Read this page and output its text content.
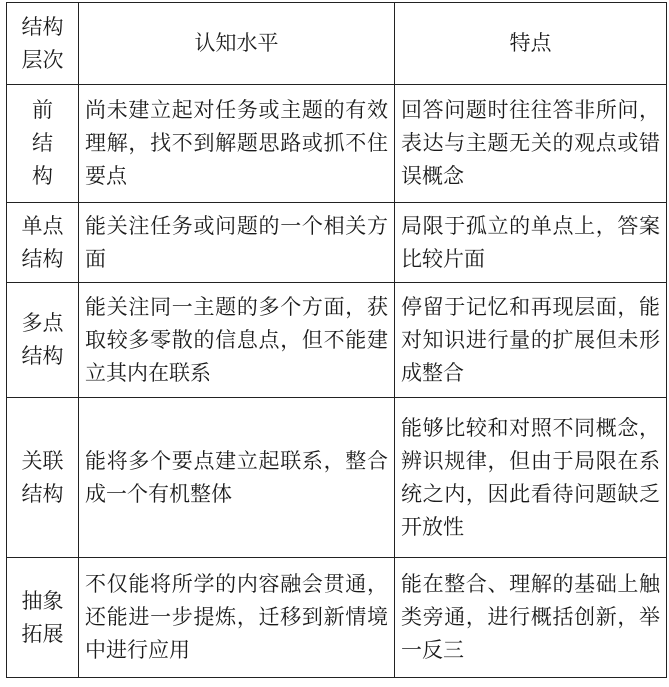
结构
层次	认知水平	特点

前
结
构	尚未建立起对任务或主题的有效理解，找不到解题思路或抓不住要点	回答问题时往往答非所问，表达与主题无关的观点或错误概念

单点
结构	能关注任务或问题的一个相关方面	局限于孤立的单点上，答案比较片面

多点
结构	能关注同一主题的多个方面，获取较多零散的信息点，但不能建立其内在联系	停留于记忆和再现层面，能对知识进行量的扩展但未形成整合

关联
结构	能将多个要点建立起联系，整合成一个有机整体	能够比较和对照不同概念，辨识规律，但由于局限在系统之内，因此看待问题缺乏开放性

抽象
拓展	不仅能将所学的内容融会贯通，还能进一步提炼，迁移到新情境中进行应用	能在整合、理解的基础上触类旁通，进行概括创新，举一反三
